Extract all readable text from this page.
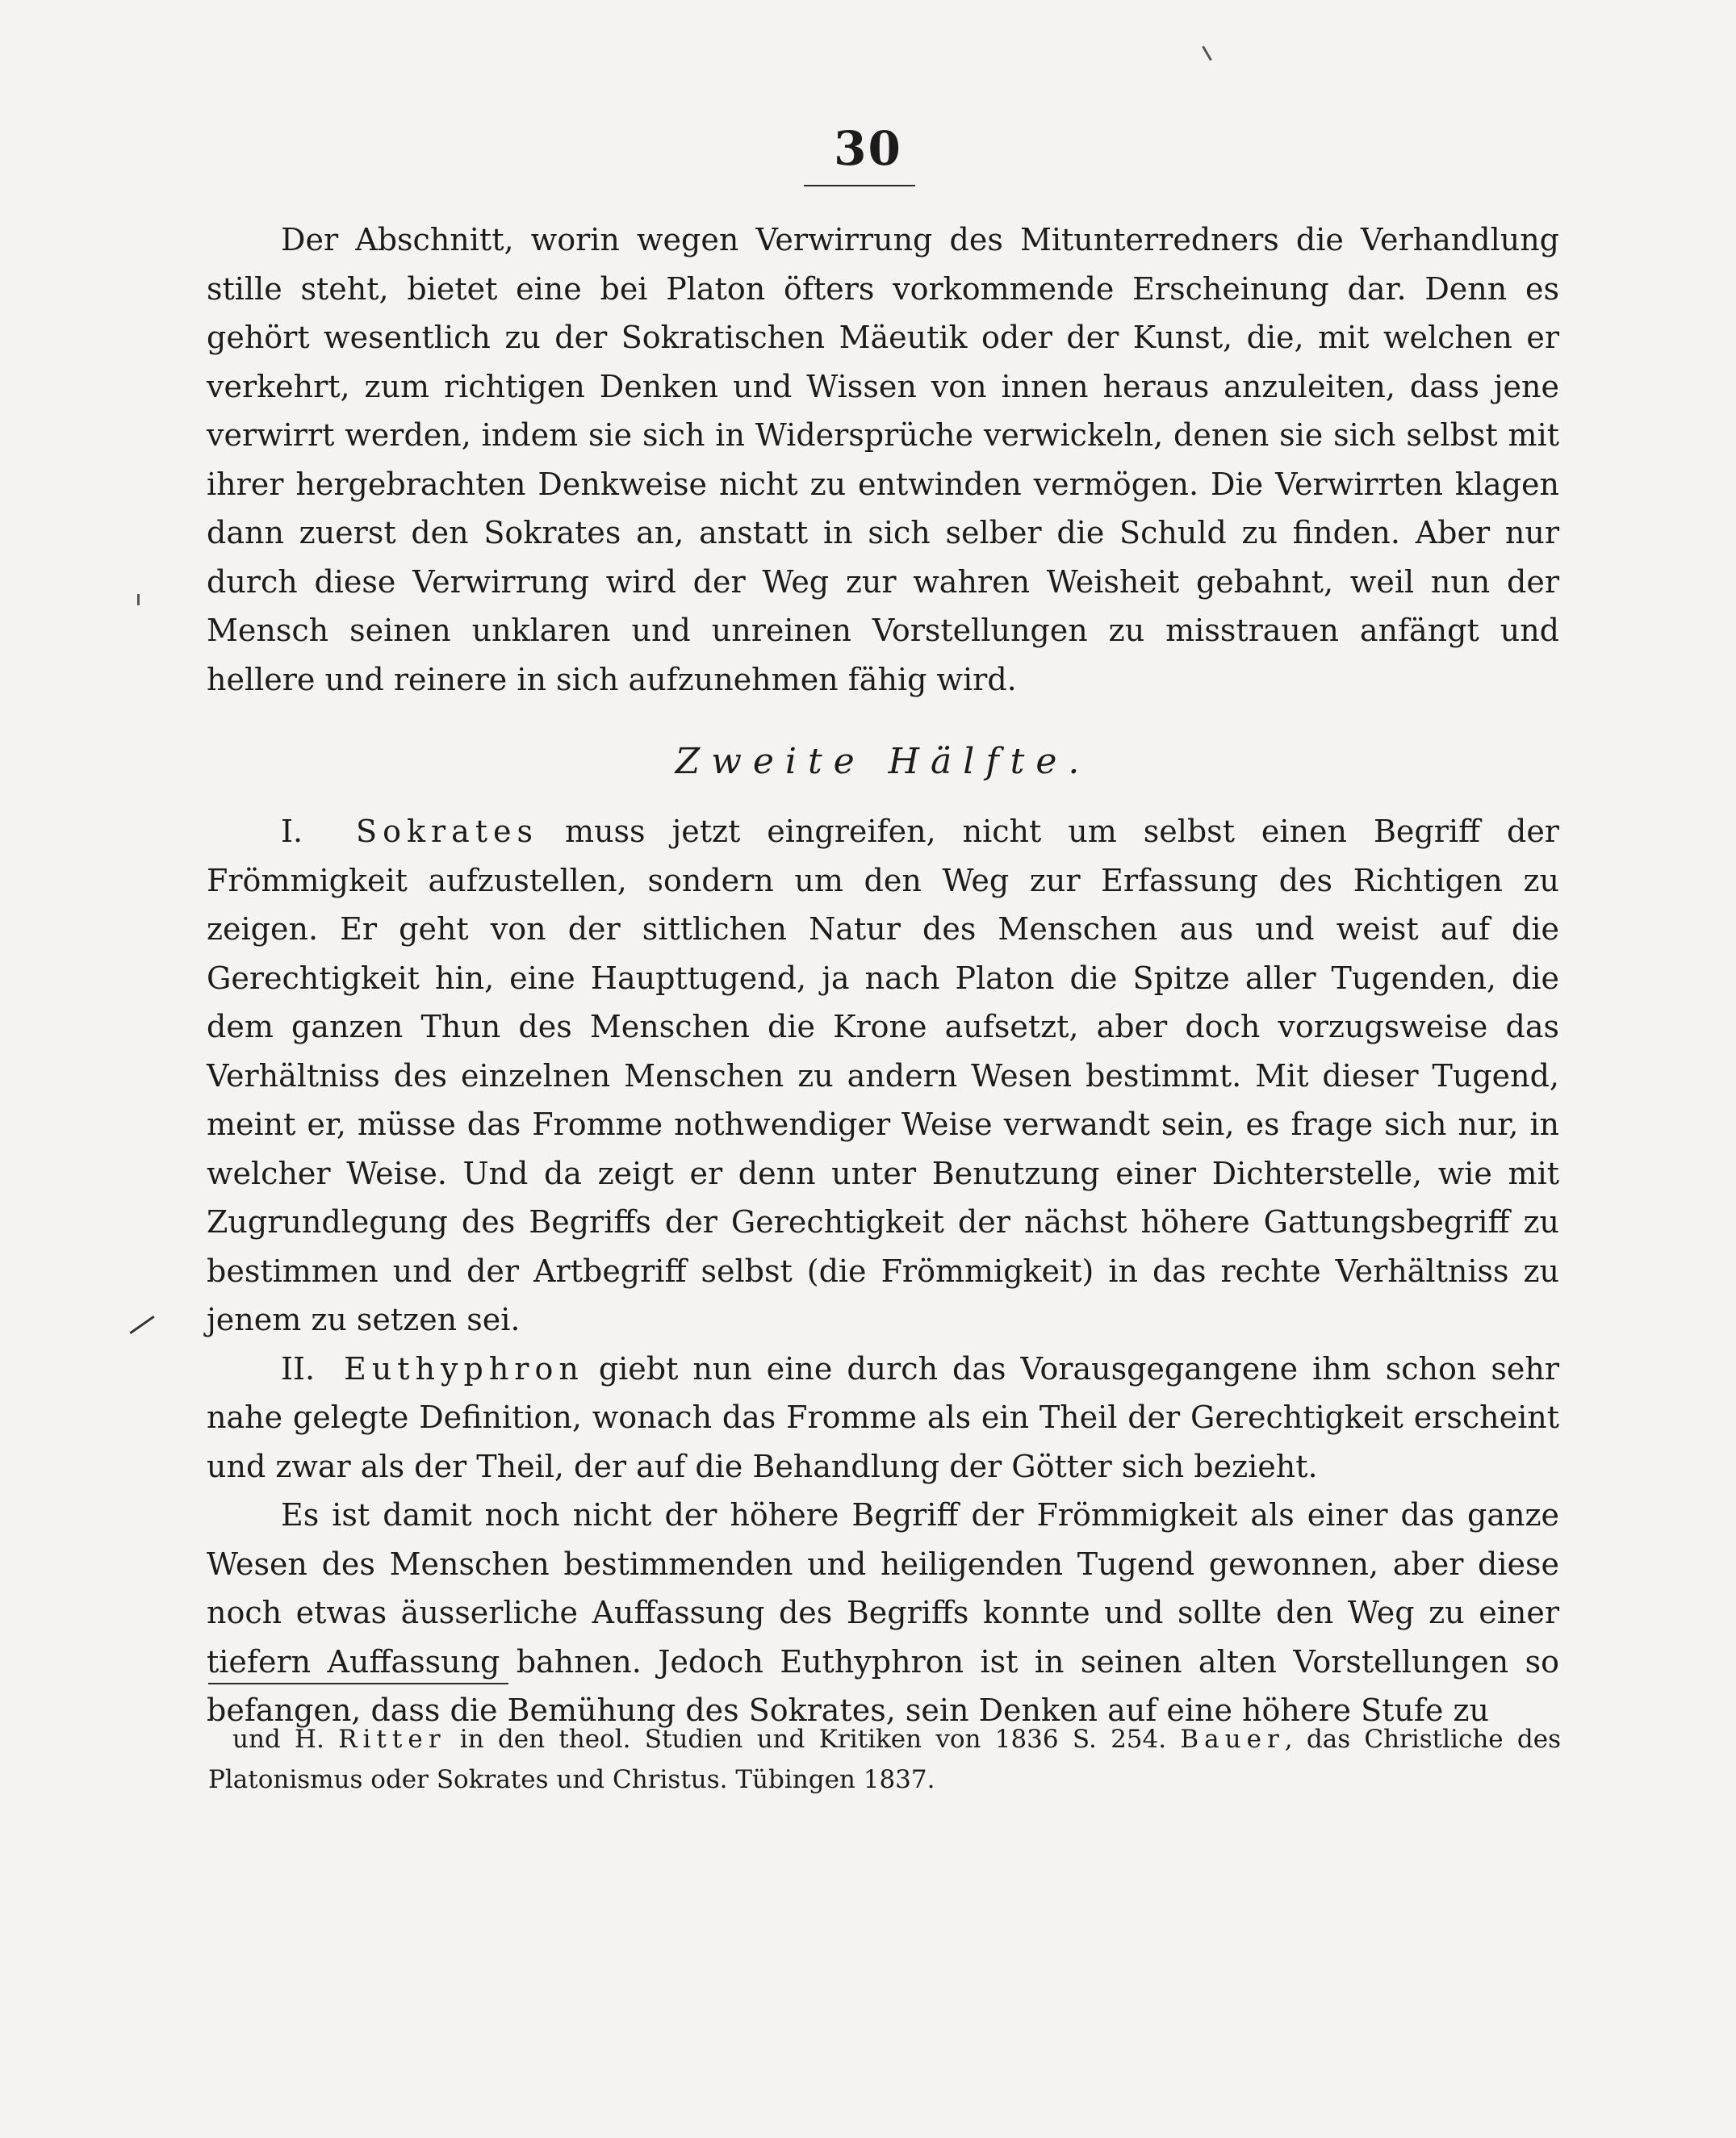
30

Der Abschnitt, worin wegen Verwirrung des Mitunterredners die Verhandlung stille steht, bietet eine bei Platon öfters vorkommende Erscheinung dar. Denn es gehört wesentlich zu der Sokratischen Mäeutik oder der Kunst, die, mit welchen er verkehrt, zum richtigen Denken und Wissen von innen heraus anzuleiten, dass jene verwirrt werden, indem sie sich in Widersprüche verwickeln, denen sie sich selbst mit ihrer hergebrachten Denkweise nicht zu entwinden vermögen. Die Verwirrten klagen dann zuerst den Sokrates an, anstatt in sich selber die Schuld zu finden. Aber nur durch diese Verwirrung wird der Weg zur wahren Weisheit gebahnt, weil nun der Mensch seinen unklaren und unreinen Vorstellungen zu misstrauen anfängt und hellere und reinere in sich aufzunehmen fähig wird.

Zweite Hälfte.

I. Sokrates muss jetzt eingreifen, nicht um selbst einen Begriff der Frömmigkeit aufzustellen, sondern um den Weg zur Erfassung des Richtigen zu zeigen. Er geht von der sittlichen Natur des Menschen aus und weist auf die Gerechtigkeit hin, eine Haupttugend, ja nach Platon die Spitze aller Tugenden, die dem ganzen Thun des Menschen die Krone aufsetzt, aber doch vorzugsweise das Verhältniss des einzelnen Menschen zu andern Wesen bestimmt. Mit dieser Tugend, meint er, müsse das Fromme nothwendiger Weise verwandt sein, es frage sich nur, in welcher Weise. Und da zeigt er denn unter Benutzung einer Dichterstelle, wie mit Zugrundlegung des Begriffs der Gerechtigkeit der nächst höhere Gattungsbegriff zu bestimmen und der Artbegriff selbst (die Frömmigkeit) in das rechte Verhältniss zu jenem zu setzen sei.

II. Euthyphron giebt nun eine durch das Vorausgegangene ihm schon sehr nahe gelegte Definition, wonach das Fromme als ein Theil der Gerechtigkeit erscheint und zwar als der Theil, der auf die Behandlung der Götter sich bezieht.

Es ist damit noch nicht der höhere Begriff der Frömmigkeit als einer das ganze Wesen des Menschen bestimmenden und heiligenden Tugend gewonnen, aber diese noch etwas äusserliche Auffassung des Begriffs konnte und sollte den Weg zu einer tiefern Auffassung bahnen. Jedoch Euthyphron ist in seinen alten Vorstellungen so befangen, dass die Bemühung des Sokrates, sein Denken auf eine höhere Stufe zu

und H. Ritter in den theol. Studien und Kritiken von 1836 S. 254. Bauer, das Christliche des Platonismus oder Sokrates und Christus. Tübingen 1837.
